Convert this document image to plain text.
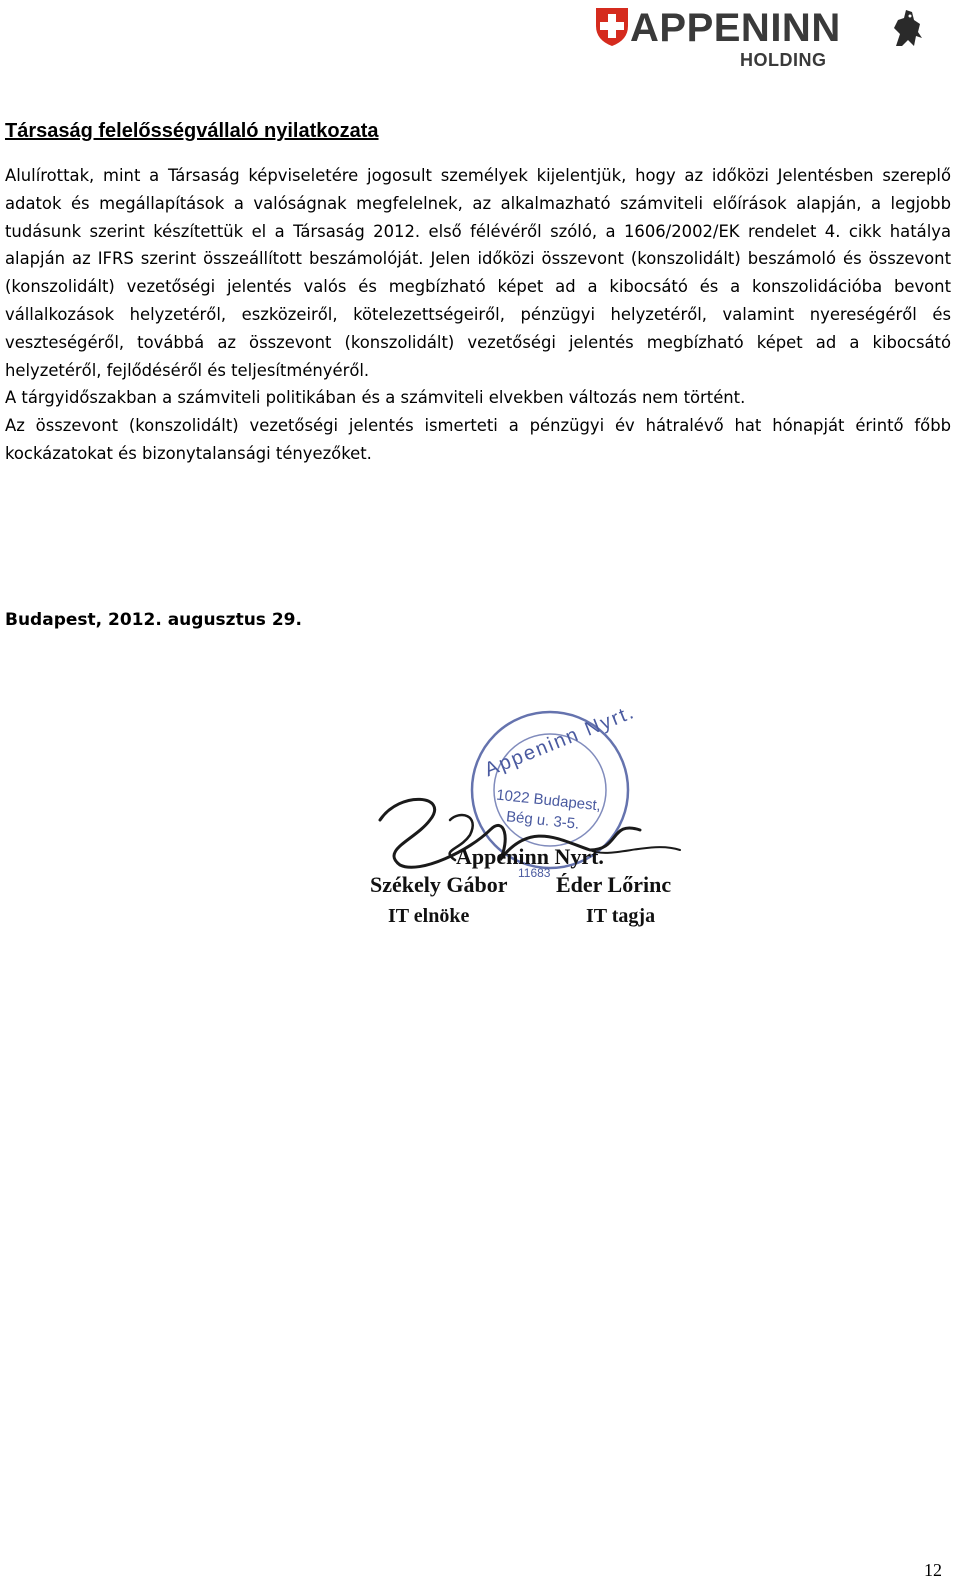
APPENINN
HOLDING
Társaság felelősségvállaló nyilatkozata

Alulírottak, mint a Társaság képviseletére jogosult személyek kijelentjük, hogy az időközi Jelentésben szereplő adatok és megállapítások a valóságnak megfelelnek, az alkalmazható számviteli előírások alapján, a legjobb tudásunk szerint készítettük el a Társaság 2012. első félévéről szóló, a 1606/2002/EK rendelet 4. cikk hatálya alapján az IFRS szerint összeállított beszámolóját. Jelen időközi összevont (konszolidált) beszámoló és összevont (konszolidált) vezetőségi jelentés valós és megbízható képet ad a kibocsátó és a konszolidációba bevont vállalkozások helyzetéről, eszközeiről, kötelezettségeiről, pénzügyi helyzetéről, valamint nyereségéről és veszteségéről, továbbá az összevont (konszolidált) vezetőségi jelentés megbízható képet ad a kibocsátó helyzetéről, fejlődéséről és teljesítményéről.

A tárgyidőszakban a számviteli politikában és a számviteli elvekben változás nem történt.

Az összevont (konszolidált) vezetőségi jelentés ismerteti a pénzügyi év hátralévő hat hónapját érintő főbb kockázatokat és bizonytalansági tényezőket.

Budapest, 2012. augusztus 29.
Appeninn Nyrt.
1022 Budapest,
Bég u. 3-5.
11683
Appeninn Nyrt.
Székely Gábor Éder Lőrinc
IT elnöke	IT tagja
12
